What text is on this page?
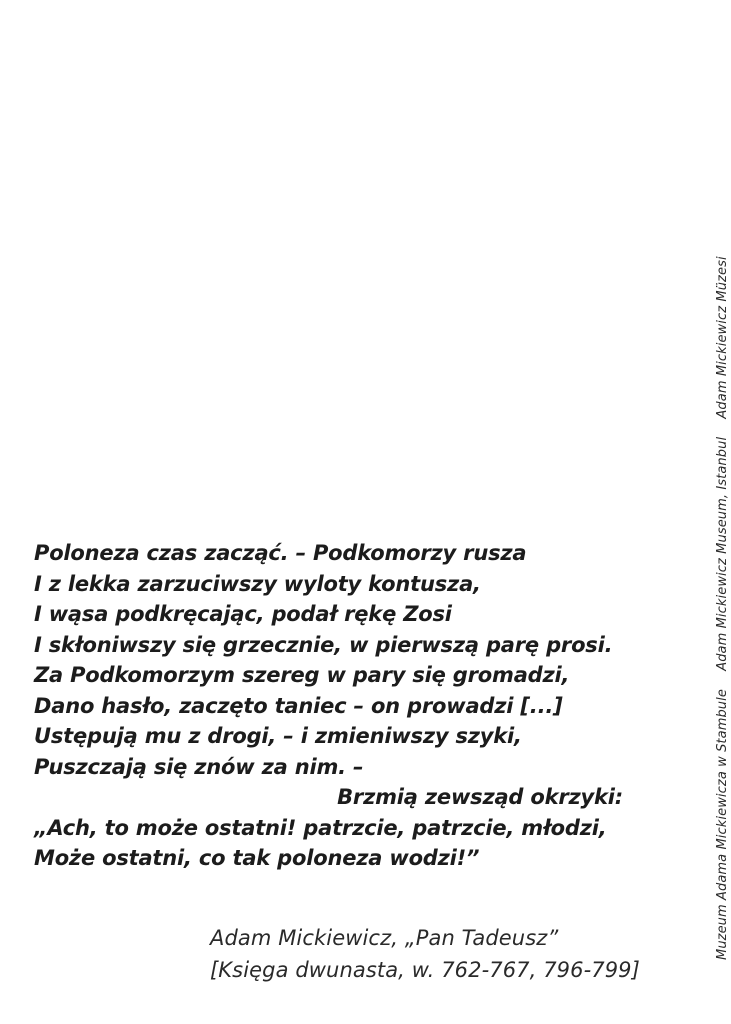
Poloneza czas zacząć. – Podkomorzy rusza
I z lekka zarzuciwszy wyloty kontusza,
I wąsa podkręcając, podał rękę Zosi
I skłoniwszy się grzecznie, w pierwszą parę prosi.
Za Podkomorzym szereg w pary się gromadzi,
Dano hasło, zaczęto taniec – on prowadzi [...]
Ustępują mu z drogi, – i zmieniwszy szyki,
Puszczają się znów za nim. –
Brzmią zewsząd okrzyki:
„Ach, to może ostatni! patrzcie, patrzcie, młodzi,
Może ostatni, co tak poloneza wodzi!”
Adam Mickiewicz, „Pan Tadeusz”
[Księga dwunasta, w. 762-767, 796-799]
Muzeum Adama Mickiewicza w Stambule Adam Mickiewicz Museum, Istanbul Adam Mickiewicz Müzesi
